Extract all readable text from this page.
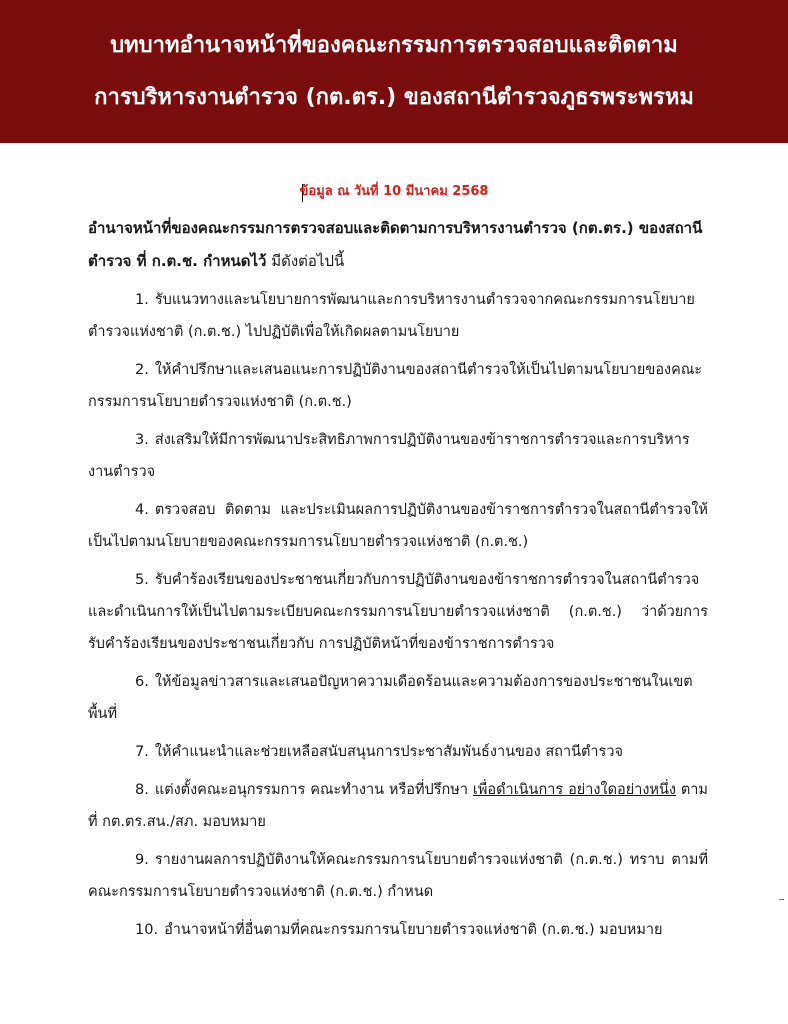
บทบาทอำนาจหน้าที่ของคณะกรรมการตรวจสอบและติดตาม
การบริหารงานตำรวจ (กต.ตร.) ของสถานีตำรวจภูธรพระพรหม
ข้อมูล ณ วันที่ 10 มีนาคม 2568
อำนาจหน้าที่ของคณะกรรมการตรวจสอบและติดตามการบริหารงานตำรวจ (กต.ตร.) ของสถานีตำรวจ ที่ ก.ต.ช. กำหนดไว้ มีดังต่อไปนี้
1. รับแนวทางและนโยบายการพัฒนาและการบริหารงานตำรวจจากคณะกรรมการนโยบายตำรวจแห่งชาติ (ก.ต.ช.) ไปปฏิบัติเพื่อให้เกิดผลตามนโยบาย
2. ให้คำปรึกษาและเสนอแนะการปฏิบัติงานของสถานีตำรวจให้เป็นไปตามนโยบายของคณะกรรมการนโยบายตำรวจแห่งชาติ (ก.ต.ช.)
3. ส่งเสริมให้มีการพัฒนาประสิทธิภาพการปฏิบัติงานของข้าราชการตำรวจและการบริหารงานตำรวจ
4. ตรวจสอบ ติดตาม และประเมินผลการปฏิบัติงานของข้าราชการตำรวจในสถานีตำรวจให้เป็นไปตามนโยบายของคณะกรรมการนโยบายตำรวจแห่งชาติ (ก.ต.ช.)
5. รับคำร้องเรียนของประชาชนเกี่ยวกับการปฏิบัติงานของข้าราชการตำรวจในสถานีตำรวจ และดำเนินการให้เป็นไปตามระเบียบคณะกรรมการนโยบายตำรวจแห่งชาติ (ก.ต.ช.) ว่าด้วยการรับคำร้องเรียนของประชาชนเกี่ยวกับ การปฏิบัติหน้าที่ของข้าราชการตำรวจ
6. ให้ข้อมูลข่าวสารและเสนอปัญหาความเดือดร้อนและความต้องการของประชาชนในเขตพื้นที่
7. ให้คำแนะนำและช่วยเหลือสนับสนุนการประชาสัมพันธ์งานของ สถานีตำรวจ
8. แต่งตั้งคณะอนุกรรมการ คณะทำงาน หรือที่ปรึกษา เพื่อดำเนินการ อย่างใดอย่างหนึ่ง ตามที่ กต.ตร.สน./สภ. มอบหมาย
9. รายงานผลการปฏิบัติงานให้คณะกรรมการนโยบายตำรวจแห่งชาติ (ก.ต.ช.) ทราบ ตามที่คณะกรรมการนโยบายตำรวจแห่งชาติ (ก.ต.ช.) กำหนด
10. อำนาจหน้าที่อื่นตามที่คณะกรรมการนโยบายตำรวจแห่งชาติ (ก.ต.ช.) มอบหมาย
